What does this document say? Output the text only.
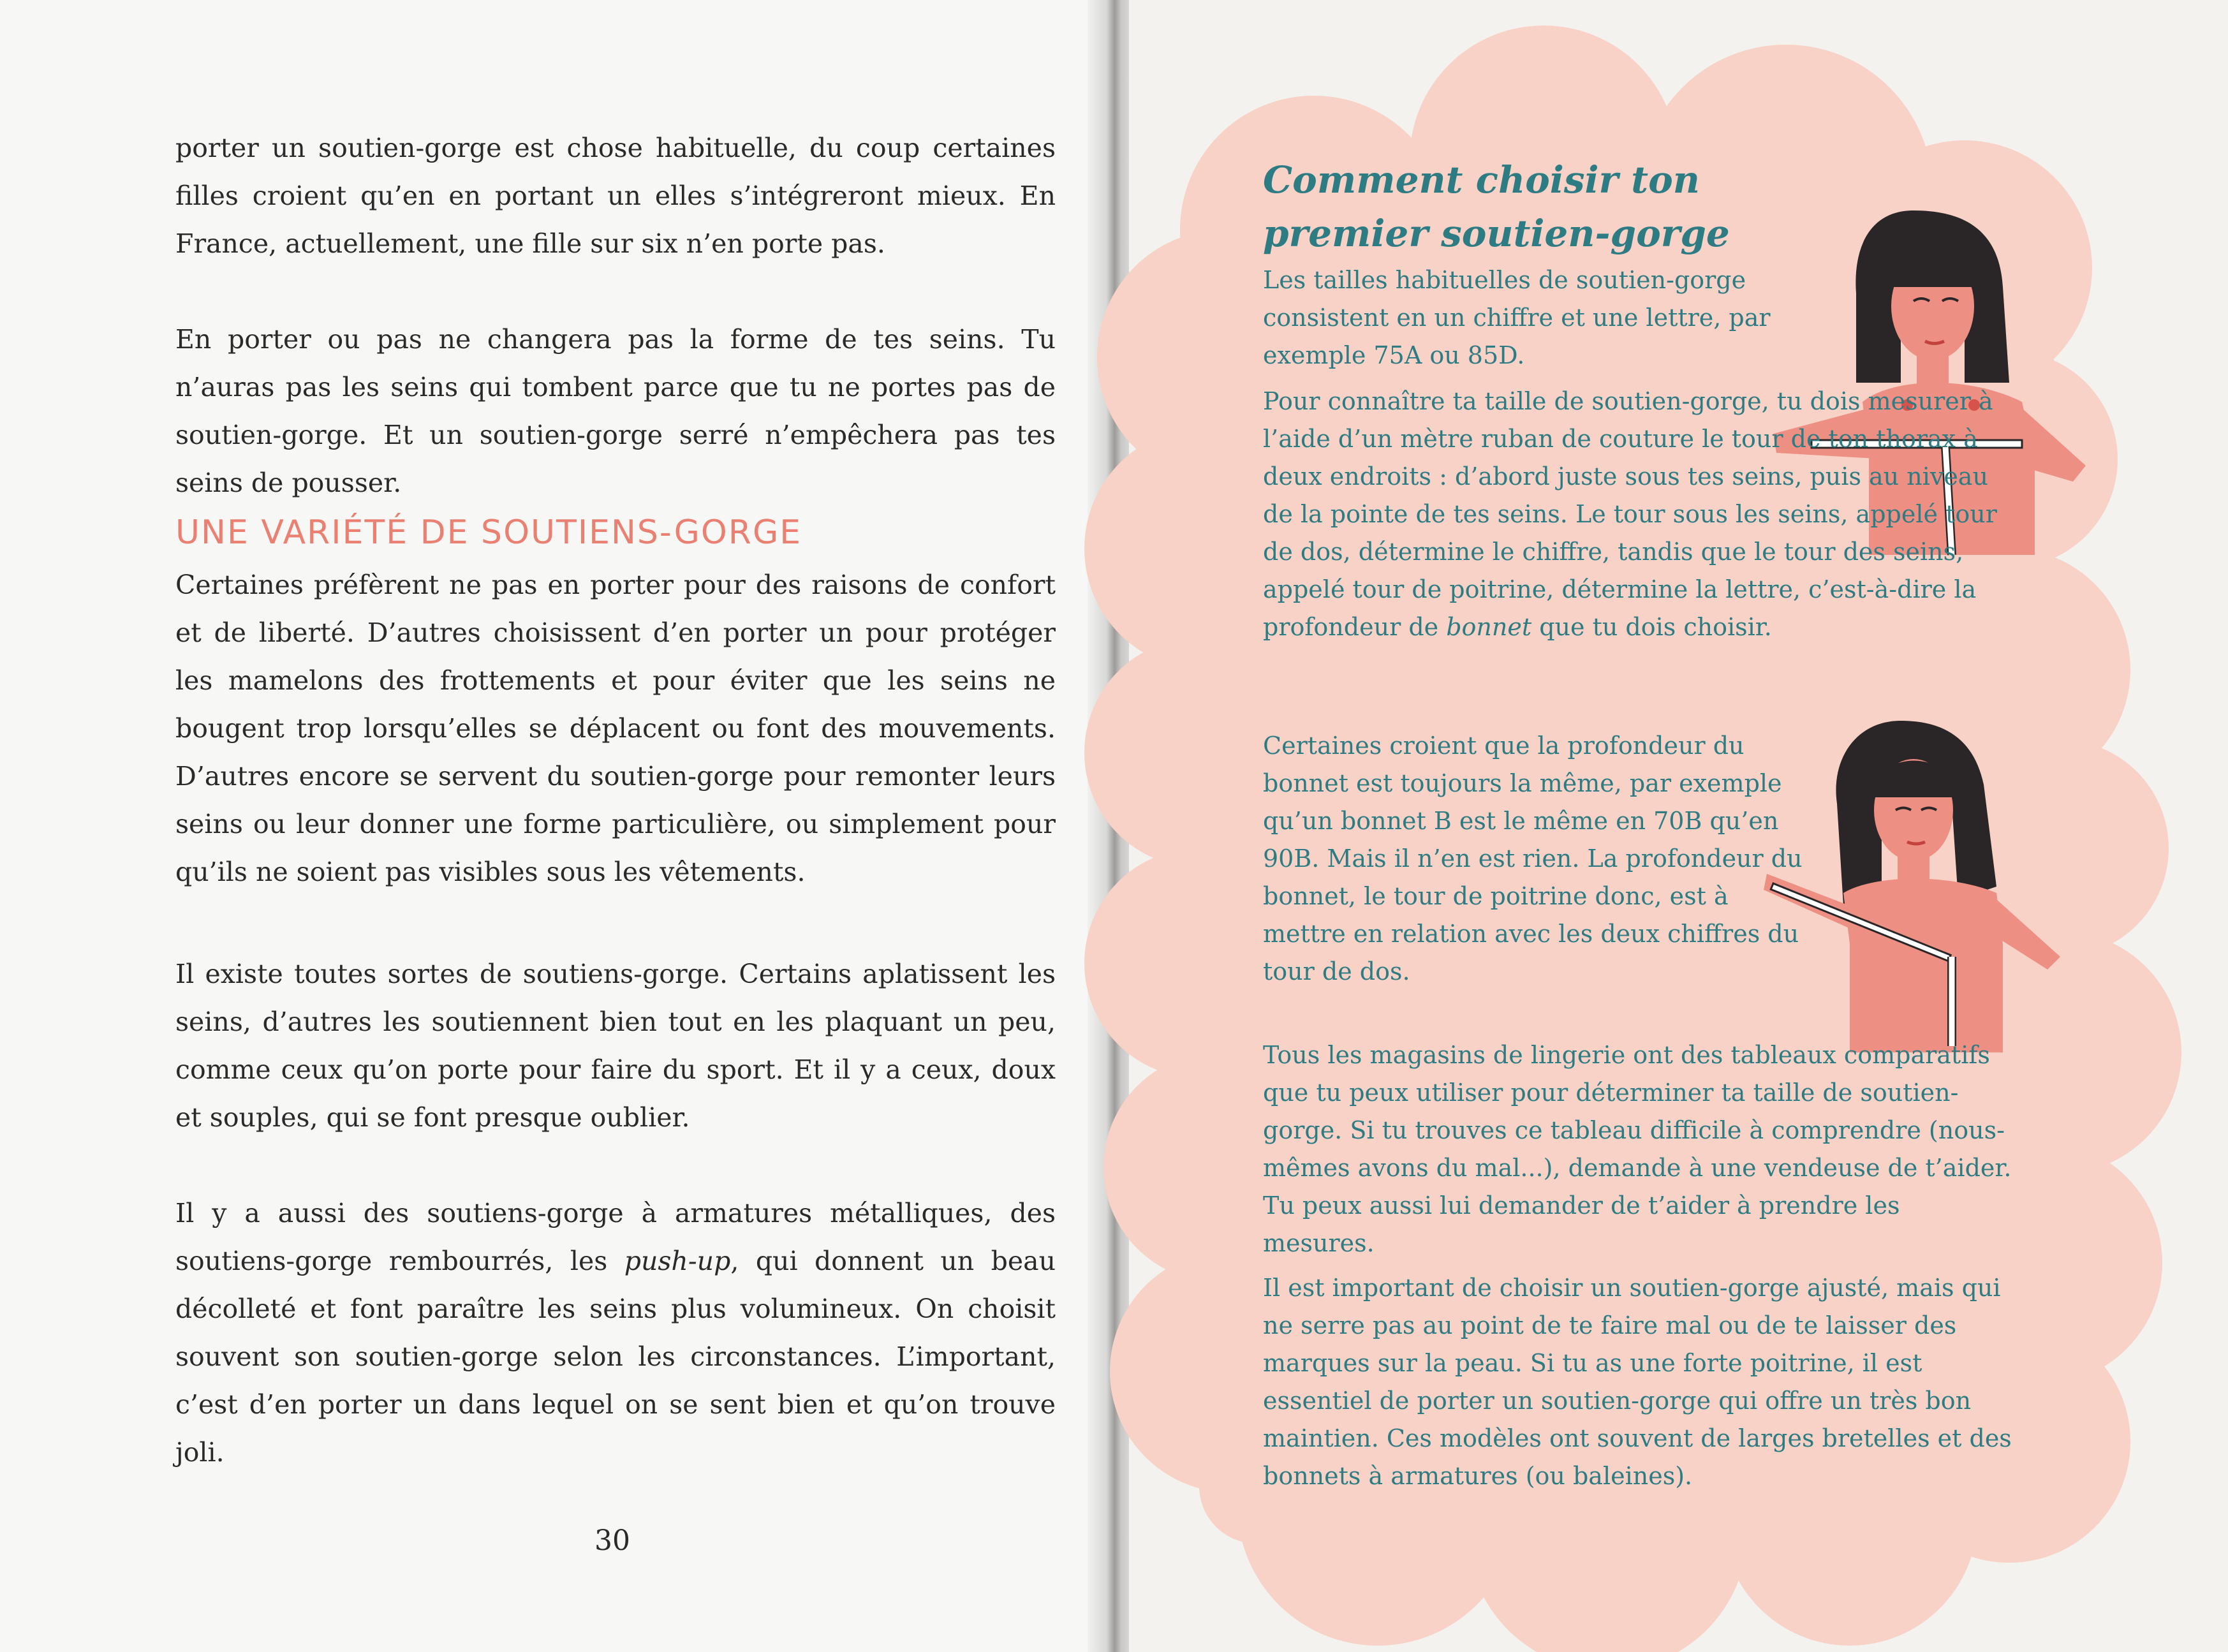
porter un soutien-gorge est chose habituelle, du coup certaines filles croient qu’en en portant un elles s’intégreront mieux. En France, actuellement, une fille sur six n’en porte pas.

En porter ou pas ne changera pas la forme de tes seins. Tu n’auras pas les seins qui tombent parce que tu ne portes pas de soutien-gorge. Et un soutien-gorge serré n’empêchera pas tes seins de pousser.

UNE VARIÉTÉ DE SOUTIENS-GORGE

Certaines préfèrent ne pas en porter pour des raisons de confort et de liberté. D’autres choisissent d’en porter un pour protéger les mamelons des frottements et pour éviter que les seins ne bougent trop lorsqu’elles se déplacent ou font des mouvements. D’autres encore se servent du soutien-gorge pour remonter leurs seins ou leur donner une forme particulière, ou simplement pour qu’ils ne soient pas visibles sous les vêtements.

Il existe toutes sortes de soutiens-gorge. Certains aplatissent les seins, d’autres les soutiennent bien tout en les plaquant un peu, comme ceux qu’on porte pour faire du sport. Et il y a ceux, doux et souples, qui se font presque oublier.

Il y a aussi des soutiens-gorge à armatures métalliques, des soutiens-gorge rembourrés, les push-up, qui donnent un beau décolleté et font paraître les seins plus volumineux. On choisit souvent son soutien-gorge selon les circonstances. L’important, c’est d’en porter un dans lequel on se sent bien et qu’on trouve joli.

30
Comment choisir ton premier soutien-gorge

Les tailles habituelles de soutien-gorge consistent en un chiffre et une lettre, par exemple 75A ou 85D.

Pour connaître ta taille de soutien-gorge, tu dois mesurer à l’aide d’un mètre ruban de couture le tour de ton thorax à deux endroits : d’abord juste sous tes seins, puis au niveau de la pointe de tes seins. Le tour sous les seins, appelé tour de dos, détermine le chiffre, tandis que le tour des seins, appelé tour de poitrine, détermine la lettre, c’est-à-dire la profondeur de bonnet que tu dois choisir.

Certaines croient que la profondeur du bonnet est toujours la même, par exemple qu’un bonnet B est le même en 70B qu’en 90B. Mais il n’en est rien. La profondeur du bonnet, le tour de poitrine donc, est à mettre en relation avec les deux chiffres du tour de dos.

Tous les magasins de lingerie ont des tableaux comparatifs que tu peux utiliser pour déterminer ta taille de soutien-gorge. Si tu trouves ce tableau difficile à comprendre (nous-mêmes avons du mal...), demande à une vendeuse de t’aider. Tu peux aussi lui demander de t’aider à prendre les mesures.

Il est important de choisir un soutien-gorge ajusté, mais qui ne serre pas au point de te faire mal ou de te laisser des marques sur la peau. Si tu as une forte poitrine, il est essentiel de porter un soutien-gorge qui offre un très bon maintien. Ces modèles ont souvent de larges bretelles et des bonnets à armatures (ou baleines).
